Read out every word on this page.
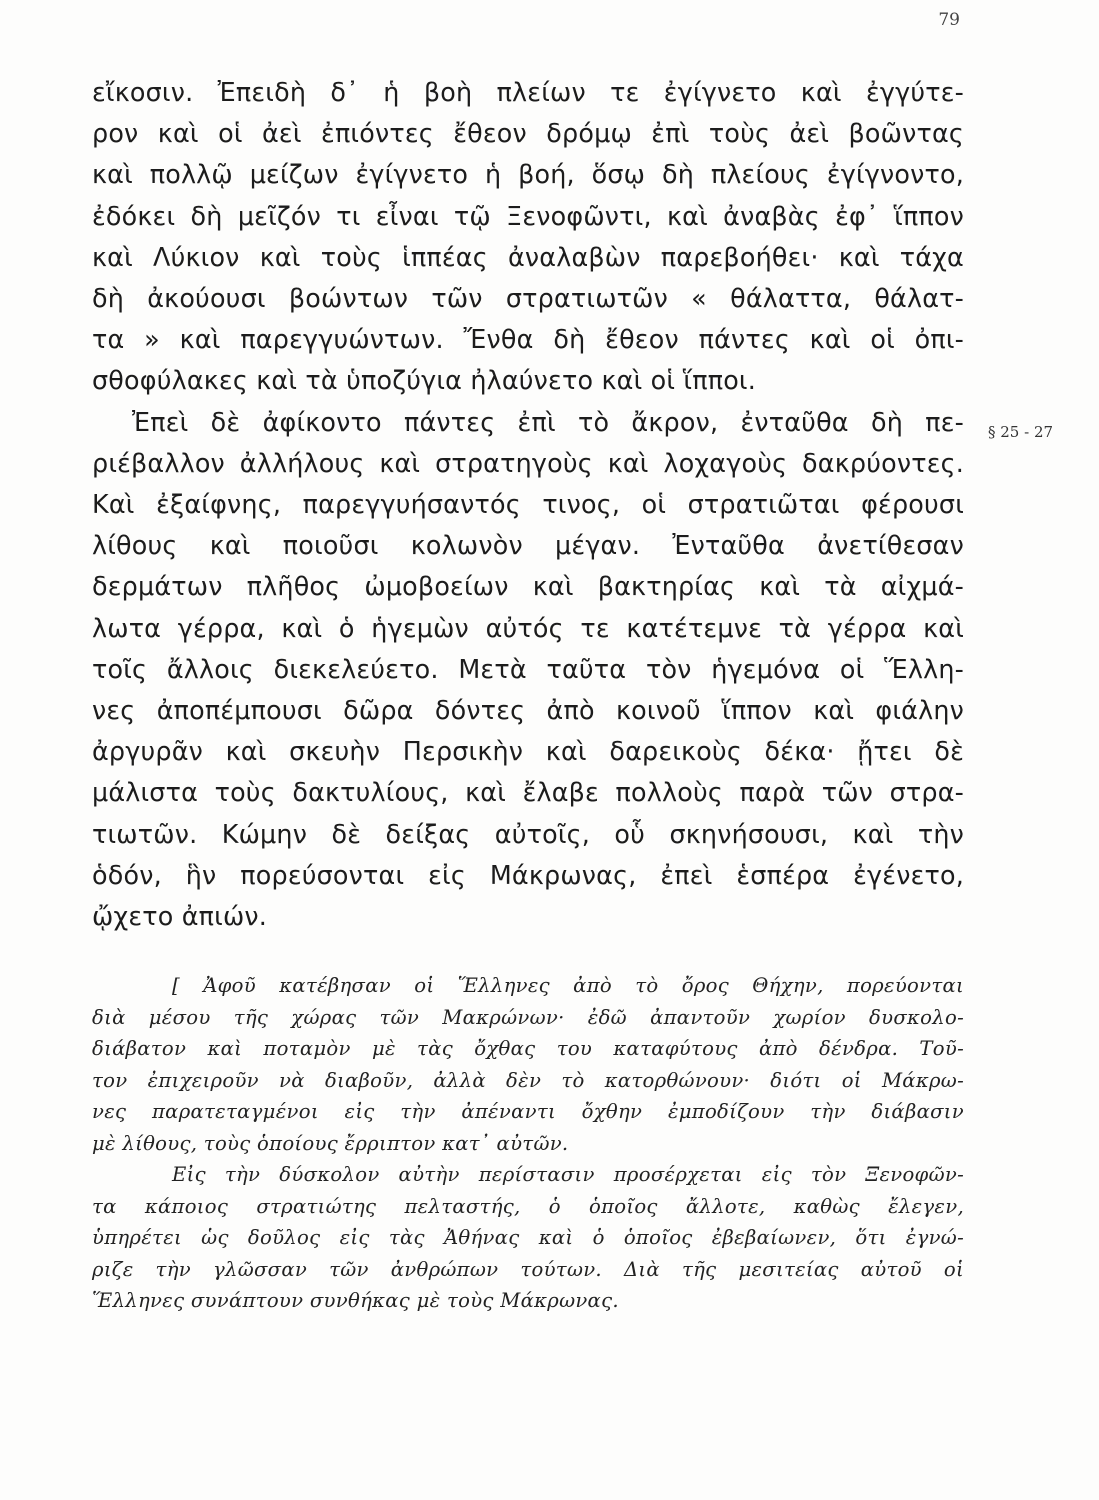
79
εἴκοσιν. Ἐπειδὴ δ᾽ ἡ βοὴ πλείων τε ἐγίγνετο καὶ ἐγγύτε-
ρον καὶ οἱ ἀεὶ ἐπιόντες ἔθεον δρόμῳ ἐπὶ τοὺς ἀεὶ βοῶντας
καὶ πολλῷ μείζων ἐγίγνετο ἡ βοή, ὅσῳ δὴ πλείους ἐγίγνοντο,
ἐδόκει δὴ μεῖζόν τι εἶναι τῷ Ξενοφῶντι, καὶ ἀναβὰς ἐφ᾽ ἵππον
καὶ Λύκιον καὶ τοὺς ἱππέας ἀναλαβὼν παρεβοήθει· καὶ τάχα
δὴ ἀκούουσι βοώντων τῶν στρατιωτῶν « θάλαττα, θάλατ-
τα » καὶ παρεγγυώντων. Ἔνθα δὴ ἔθεον πάντες καὶ οἱ ὀπι-
σθοφύλακες καὶ τὰ ὑποζύγια ἠλαύνετο καὶ οἱ ἵπποι.
Ἐπεὶ δὲ ἀφίκοντο πάντες ἐπὶ τὸ ἄκρον, ἐνταῦθα δὴ πε-
ριέβαλλον ἀλλήλους καὶ στρατηγοὺς καὶ λοχαγοὺς δακρύοντες.
Καὶ ἐξαίφνης, παρεγγυήσαντός τινος, οἱ στρατιῶται φέρουσι
λίθους καὶ ποιοῦσι κολωνὸν μέγαν. Ἐνταῦθα ἀνετίθεσαν
δερμάτων πλῆθος ὠμοβοείων καὶ βακτηρίας καὶ τὰ αἰχμά-
λωτα γέρρα, καὶ ὁ ἡγεμὼν αὐτός τε κατέτεμνε τὰ γέρρα καὶ
τοῖς ἄλλοις διεκελεύετο. Μετὰ ταῦτα τὸν ἡγεμόνα οἱ Ἕλλη-
νες ἀποπέμπουσι δῶρα δόντες ἀπὸ κοινοῦ ἵππον καὶ φιάλην
ἀργυρᾶν καὶ σκευὴν Περσικὴν καὶ δαρεικοὺς δέκα· ᾔτει δὲ
μάλιστα τοὺς δακτυλίους, καὶ ἔλαβε πολλοὺς παρὰ τῶν στρα-
τιωτῶν. Κώμην δὲ δείξας αὐτοῖς, οὗ σκηνήσουσι, καὶ τὴν
ὁδόν, ἣν πορεύσονται εἰς Μάκρωνας, ἐπεὶ ἑσπέρα ἐγένετο,
ᾤχετο ἀπιών.
§ 25 - 27
[ Ἀφοῦ κατέβησαν οἱ Ἕλληνες ἀπὸ τὸ ὄρος Θήχην, πορεύονται
διὰ μέσου τῆς χώρας τῶν Μακρώνων· ἐδῶ ἀπαντοῦν χωρίον δυσκολο-
διάβατον καὶ ποταμὸν μὲ τὰς ὄχθας του καταφύτους ἀπὸ δένδρα. Τοῦ-
τον ἐπιχειροῦν νὰ διαβοῦν, ἀλλὰ δὲν τὸ κατορθώνουν· διότι οἱ Μάκρω-
νες παρατεταγμένοι εἰς τὴν ἀπέναντι ὄχθην ἐμποδίζουν τὴν διάβασιν
μὲ λίθους, τοὺς ὁποίους ἔρριπτον κατ᾽ αὐτῶν.
Εἰς τὴν δύσκολον αὐτὴν περίστασιν προσέρχεται εἰς τὸν Ξενοφῶν-
τα κάποιος στρατιώτης πελταστής, ὁ ὁποῖος ἄλλοτε, καθὼς ἔλεγεν,
ὑπηρέτει ὡς δοῦλος εἰς τὰς Ἀθήνας καὶ ὁ ὁποῖος ἐβεβαίωνεν, ὅτι ἐγνώ-
ριζε τὴν γλῶσσαν τῶν ἀνθρώπων τούτων. Διὰ τῆς μεσιτείας αὐτοῦ οἱ
Ἕλληνες συνάπτουν συνθήκας μὲ τοὺς Μάκρωνας.
